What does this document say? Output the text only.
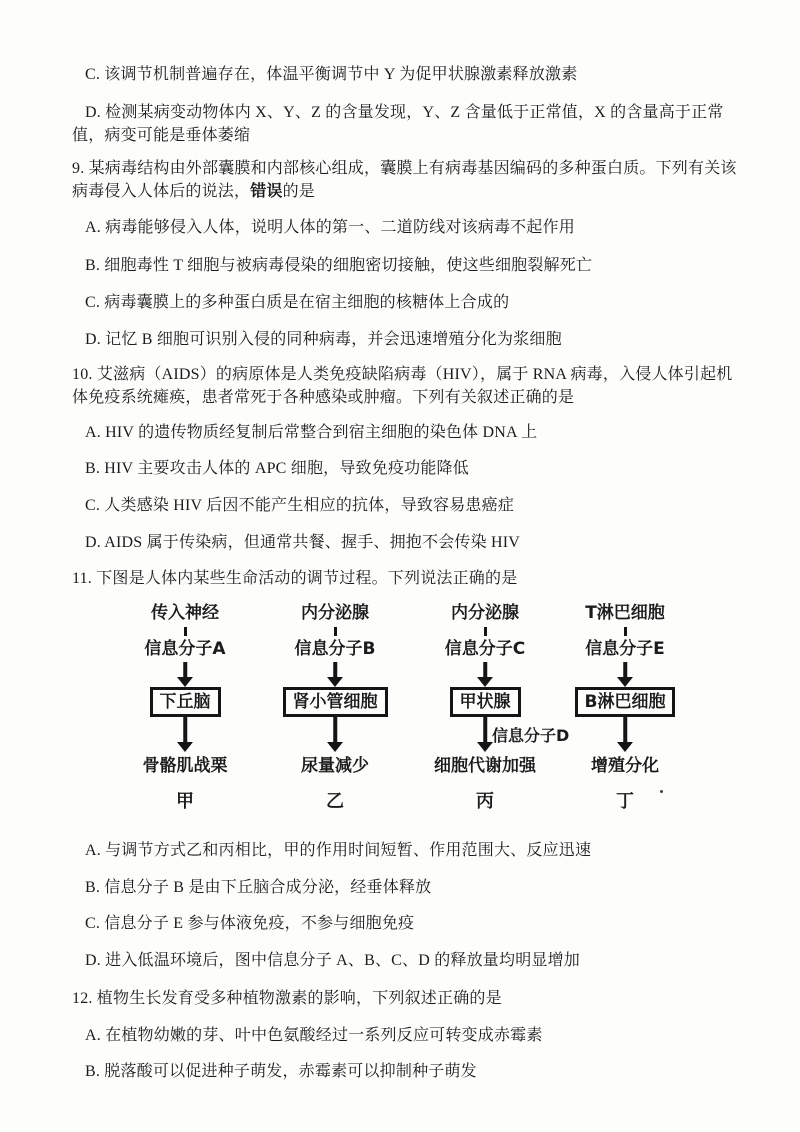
C. 该调节机制普遍存在，体温平衡调节中 Y 为促甲状腺激素释放激素
D. 检测某病变动物体内 X、Y、Z 的含量发现，Y、Z 含量低于正常值，X 的含量高于正常值，病变可能是垂体萎缩

9. 某病毒结构由外部囊膜和内部核心组成，囊膜上有病毒基因编码的多种蛋白质。下列有关该病毒侵入人体后的说法，错误的是

A. 病毒能够侵入人体，说明人体的第一、二道防线对该病毒不起作用
B. 细胞毒性 T 细胞与被病毒侵染的细胞密切接触，使这些细胞裂解死亡
C. 病毒囊膜上的多种蛋白质是在宿主细胞的核糖体上合成的
D. 记忆 B 细胞可识别入侵的同种病毒，并会迅速增殖分化为浆细胞
10. 艾滋病（AIDS）的病原体是人类免疫缺陷病毒（HIV），属于 RNA 病毒，入侵人体引起机体免疫系统瘫痪，患者常死于各种感染或肿瘤。下列有关叙述正确的是
A. HIV 的遗传物质经复制后常整合到宿主细胞的染色体 DNA 上
B. HIV 主要攻击人体的 APC 细胞，导致免疫功能降低
C. 人类感染 HIV 后因不能产生相应的抗体，导致容易患癌症
D. AIDS 属于传染病，但通常共餐、握手、拥抱不会传染 HIV
11. 下图是人体内某些生命活动的调节过程。下列说法正确的是
传入神经
信息分子A
下丘脑
骨骼肌战栗
甲
内分泌腺
信息分子B
肾小管细胞
尿量减少
乙
内分泌腺
信息分子C
甲状腺
信息分子D
细胞代谢加强
丙
T淋巴细胞
信息分子E
B淋巴细胞
增殖分化
丁
A. 与调节方式乙和丙相比，甲的作用时间短暂、作用范围大、反应迅速
B. 信息分子 B 是由下丘脑合成分泌，经垂体释放
C. 信息分子 E 参与体液免疫，不参与细胞免疫
D. 进入低温环境后，图中信息分子 A、B、C、D 的释放量均明显增加
12. 植物生长发育受多种植物激素的影响，下列叙述正确的是
A. 在植物幼嫩的芽、叶中色氨酸经过一系列反应可转变成赤霉素
B. 脱落酸可以促进种子萌发，赤霉素可以抑制种子萌发
